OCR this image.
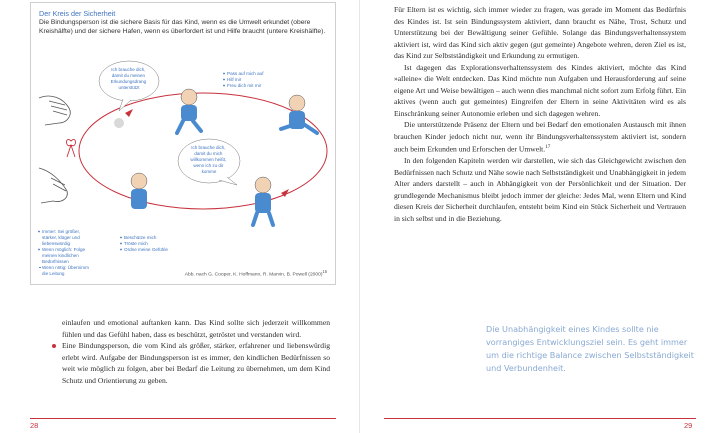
Der Kreis der Sicherheit
Die Bindungsperson ist die sichere Basis für das Kind, wenn es die Umwelt erkundet (obere Kreishälfte) und der sichere Hafen, wenn es überfordert ist und Hilfe braucht (untere Kreishälfte).
Ich brauche dich, damit du meinen Erkundungsdrang unterstützt
Pass auf mich auf Hilf mir Freu dich mit mir
Ich brauche dich, damit du mich willkommen heißt, wenn ich zu dir komme
Beschütze mich Tröste mich Ordne meine Gefühle
Immer: Sei größer, stärker, klüger und liebenswürdig Wenn möglich: Folge meinen kindlichen Bedürfnissen
Wenn nötig: Übernimm
die Leitung	Abb. nach G. Cooper, K. Hoffmann, R. Marvin, B. Powell $(2000)^{16}$

einlaufen und emotional auftanken kann. Das Kind sollte sich jederzeit willkommen fühlen und das Gefühl haben, dass es beschützt, getröstet und verstanden wird.

Eine Bindungsperson, die vom Kind als größer, stärker, erfahrener und liebenswürdig erlebt wird. Aufgabe der Bindungsperson ist es immer, den kindlichen Bedürfnissen so weit wie möglich zu folgen, aber bei Bedarf die Leitung zu übernehmen, um dem Kind Schutz und Orientierung zu geben.

28

Für Eltern ist es wichtig, sich immer wieder zu fragen, was gerade im Moment das Bedürfnis des Kindes ist. Ist sein Bindungssystem aktiviert, dann braucht es Nähe, Trost, Schutz und Unterstützung bei der Bewältigung seiner Gefühle. Solange das Bindungsverhaltenssystem aktiviert ist, wird das Kind sich aktiv gegen (gut gemeinte) Angebote wehren, deren Ziel es ist, das Kind zur Selbstständigkeit und Erkundung zu ermutigen.

Ist dagegen das Explorationsverhaltenssystem des Kindes aktiviert, möchte das Kind »alleine« die Welt entdecken. Das Kind möchte nun Aufgaben und Herausforderung auf seine eigene Art und Weise bewältigen – auch wenn dies manchmal nicht sofort zum Erfolg führt. Ein aktives (wenn auch gut gemeintes) Eingreifen der Eltern in seine Aktivitäten wird es als Einschränkung seiner Autonomie erleben und sich dagegen wehren.

Die unterstützende Präsenz der Eltern und bei Bedarf den emotionalen Austausch mit ihnen brauchen Kinder jedoch nicht nur, wenn ihr Bindungsverhaltenssystem aktiviert ist, sondern auch beim Erkunden und Erforschen der Umwelt.$^{17}$

In den folgenden Kapiteln werden wir darstellen, wie sich das Gleichgewicht zwischen den Bedürfnissen nach Schutz und Nähe sowie nach Selbstständigkeit und Unabhängigkeit in jedem Alter anders darstellt – auch in Abhängigkeit von der Persönlichkeit und der Situation. Der grundlegende Mechanismus bleibt jedoch immer der gleiche: Jedes Mal, wenn Eltern und Kind diesen Kreis der Sicherheit durchlaufen, entsteht beim Kind ein Stück Sicherheit und Vertrauen in sich selbst und in die Beziehung.

Die Unabhängigkeit eines Kindes sollte nie vorrangiges Entwicklungsziel sein. Es geht immer um die richtige Balance zwischen Selbstständigkeit und Verbundenheit.
29
